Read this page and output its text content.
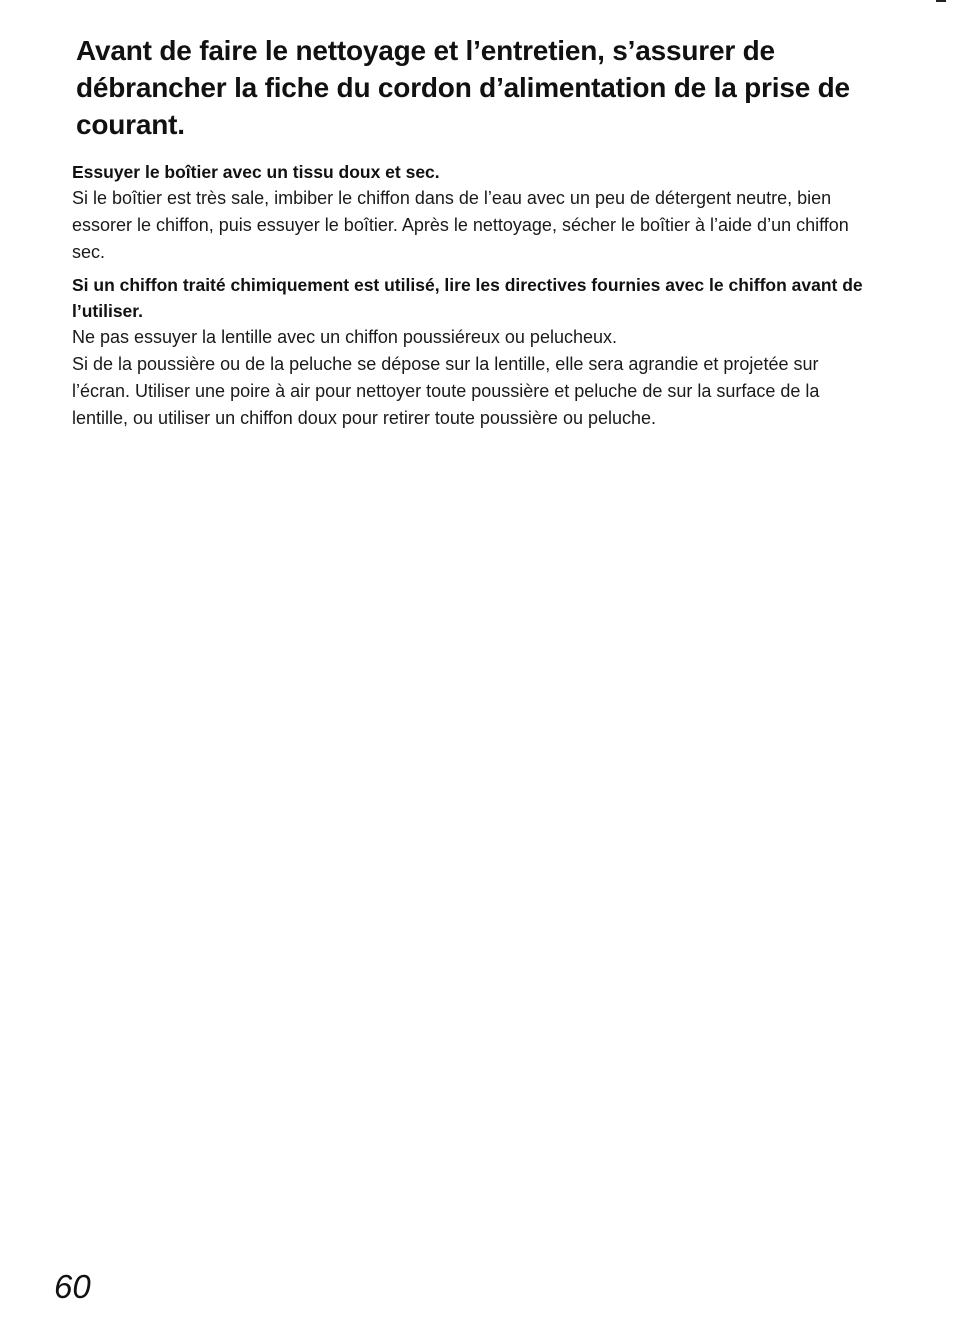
Avant de faire le nettoyage et l’entretien, s’assurer de débrancher la fiche du cordon d’alimentation de la prise de courant.

Essuyer le boîtier avec un tissu doux et sec.

Si le boîtier est très sale, imbiber le chiffon dans de l’eau avec un peu de détergent neutre, bien essorer le chiffon, puis essuyer le boîtier. Après le nettoyage, sécher le boîtier à l’aide d’un chiffon sec.

Si un chiffon traité chimiquement est utilisé, lire les directives fournies avec le chiffon avant de l’utiliser.

Ne pas essuyer la lentille avec un chiffon poussiéreux ou pelucheux.

Si de la poussière ou de la peluche se dépose sur la lentille, elle sera agrandie et projetée sur l’écran. Utiliser une poire à air pour nettoyer toute poussière et peluche de sur la surface de la lentille, ou utiliser un chiffon doux pour retirer toute poussière ou peluche.

60
